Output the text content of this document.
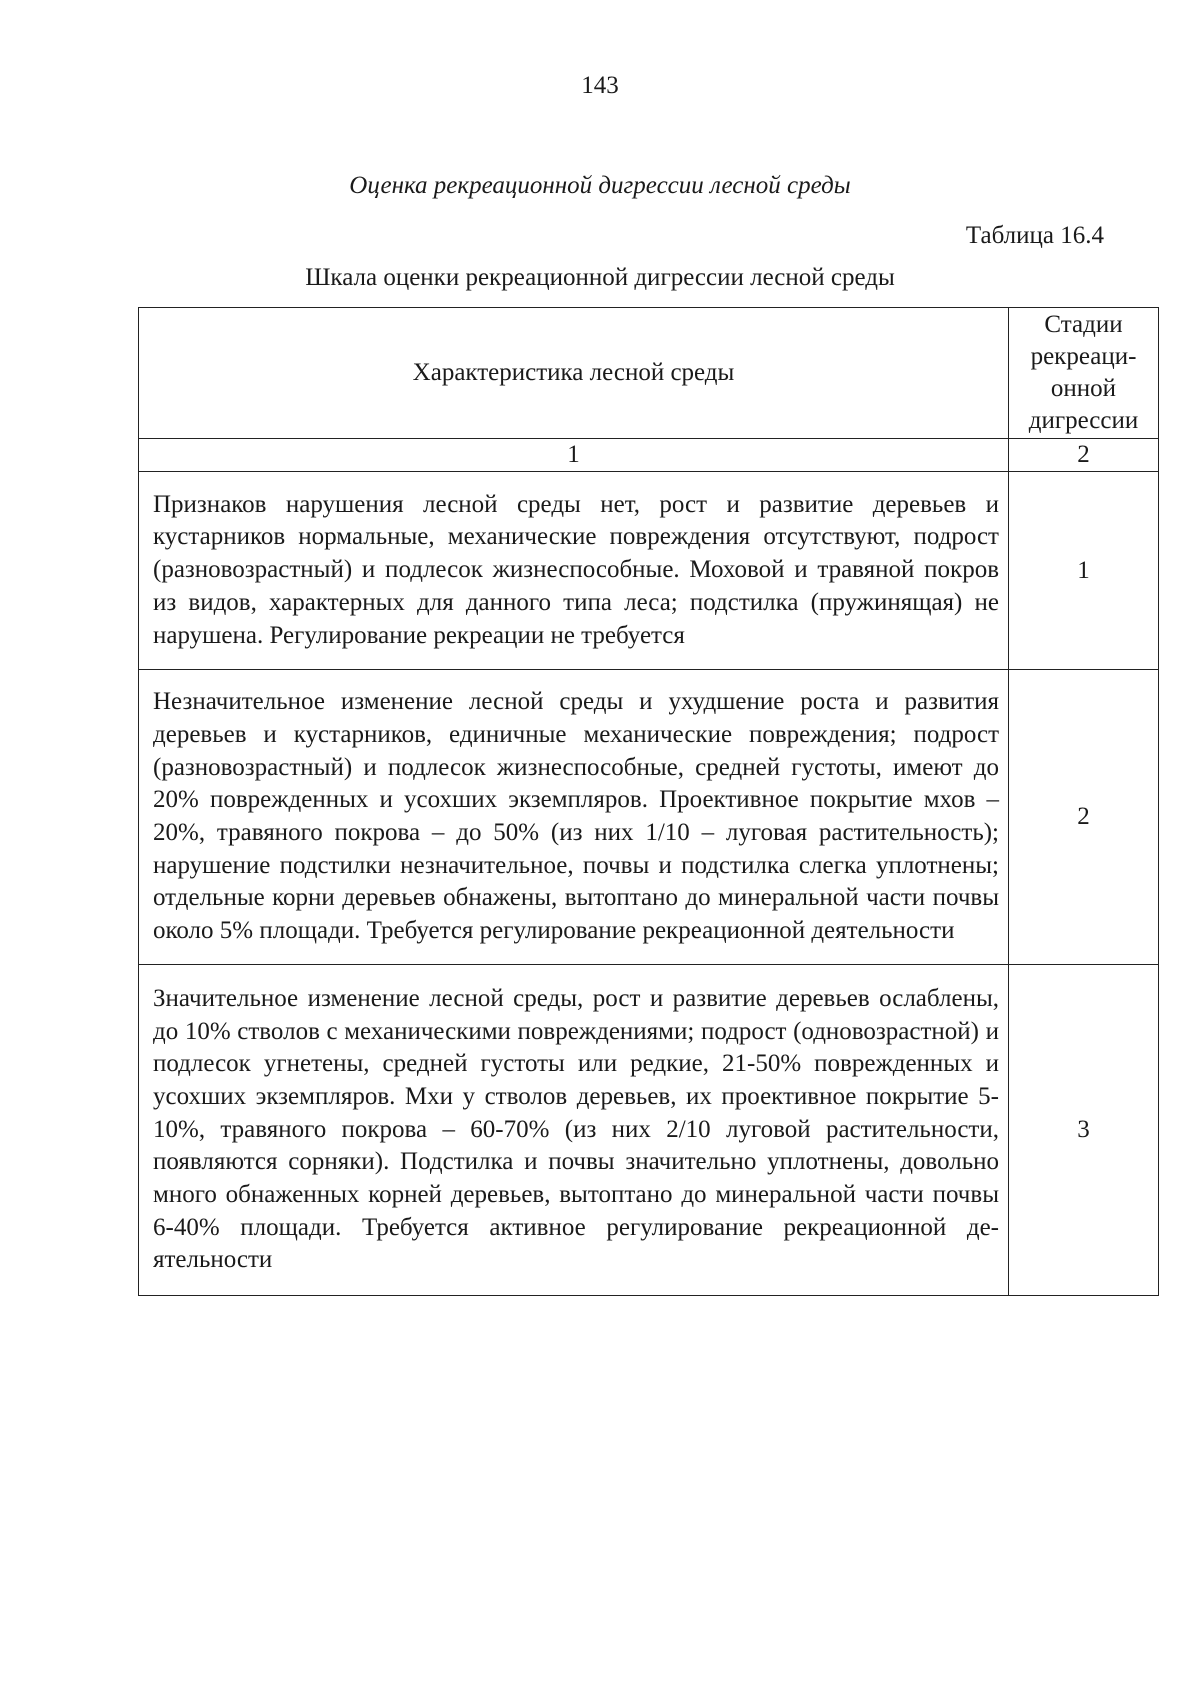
143
Оценка рекреационной дигрессии лесной среды
Таблица 16.4
Шкала оценки рекреационной дигрессии лесной среды
Характеристика лесной среды	Стадии
рекреаци-
онной
дигрессии
1	2
Признаков нарушения лесной среды нет, рост и развитие деревьев и кустарников нормальные, механические повреждения отсутствуют, подрост (разновозрастный) и подлесок жизнеспособные. Моховой и травяной покров из видов, характерных для данного типа леса; подстилка (пружинящая) не нарушена. Регулирование рекреации не требуется	1
Незначительное изменение лесной среды и ухудшение роста и развития деревьев и кустарников, единичные механические повреждения; подрост (разновозрастный) и подлесок жизнеспособные, средней густоты, имеют до 20% поврежденных и усохших экземпляров. Проективное покрытие мхов – 20%, травяного покрова – до 50% (из них 1/10 – луговая растительность); нарушение подстилки незначительное, почвы и подстилка слегка уплотнены; отдельные корни деревьев обнажены, вытоптано до минеральной части почвы около 5% площади. Требуется регулирование рекреационной деятельности	2
Значительное изменение лесной среды, рост и развитие деревьев ослаблены, до 10% стволов с механическими повреждениями; подрост (одновозрастной) и подлесок угнетены, средней густоты или редкие, 21-50% поврежденных и усохших экземпляров. Мхи у стволов деревьев, их проективное покрытие 5-10%, травяного покрова – 60-70% (из них 2/10 луговой растительности, появляются сорняки). Подстилка и почвы значительно уплотнены, довольно много обнаженных корней деревьев, вытоптано до минеральной части почвы 6-40% площади. Требуется активное регулирование рекреационной деятельности	3
